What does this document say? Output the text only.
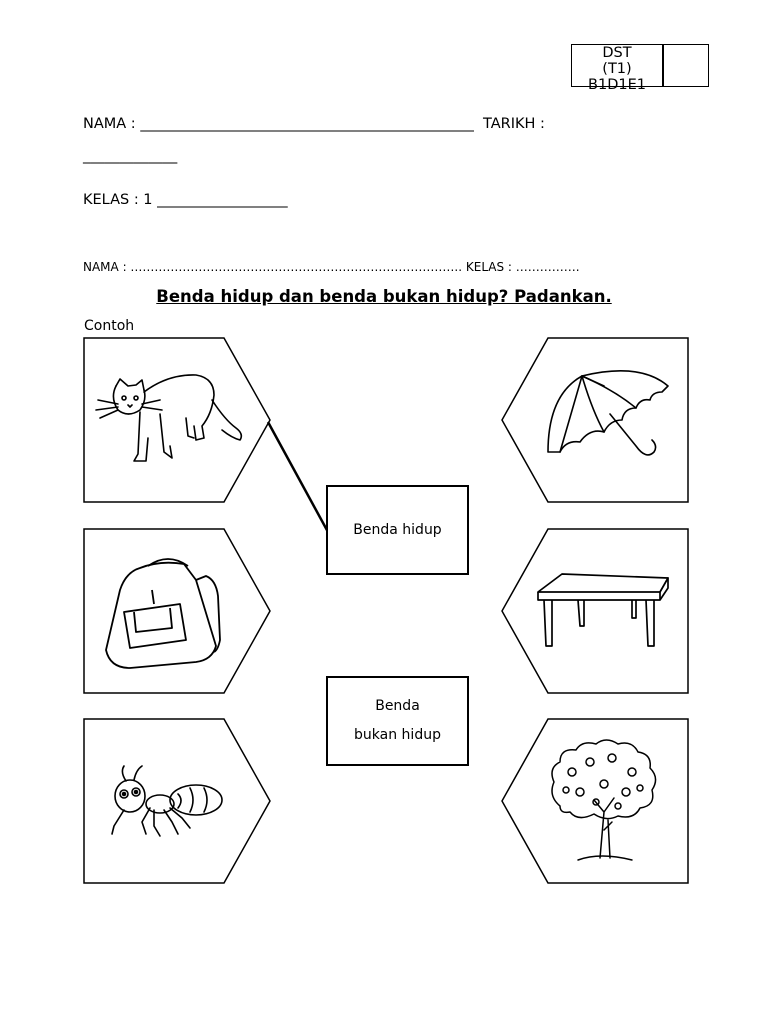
DST
(T1)
B1D1E1
NAMA : ______________________________________________  TARIKH :
_____________
KELAS : 1 __________________
NAMA : ……………………………………………………………………….. KELAS : …………….
Benda hidup dan benda bukan hidup? Padankan.
Contoh
Benda hidup
Benda
bukan hidup
